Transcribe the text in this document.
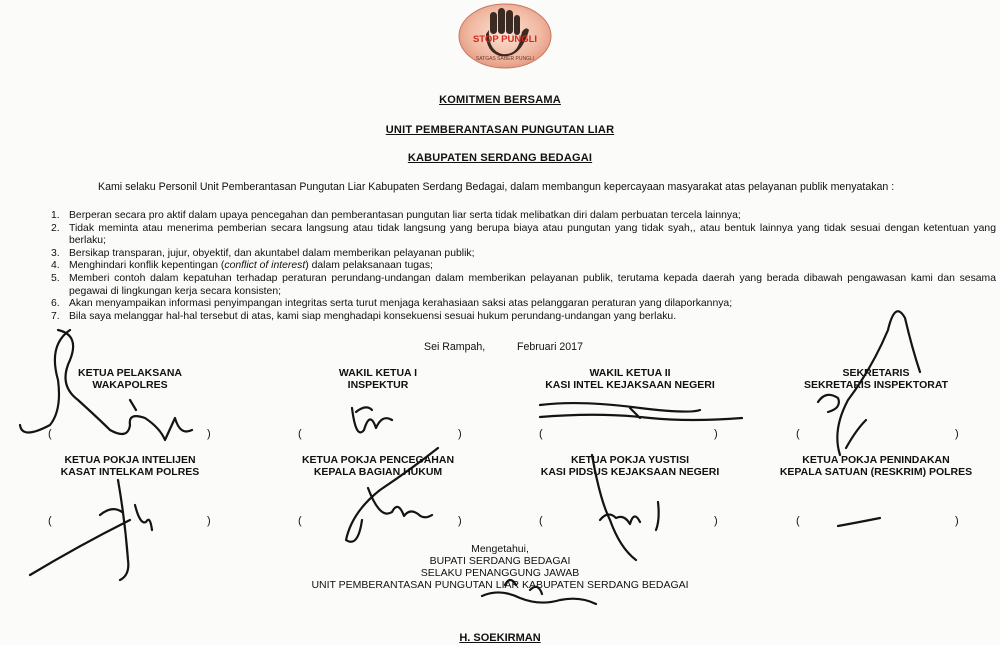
STOP PUNGLI
SATGAS SABER PUNGLI
KOMITMEN BERSAMA
UNIT PEMBERANTASAN PUNGUTAN LIAR
KABUPATEN SERDANG BEDAGAI
Kami selaku Personil Unit Pemberantasan Pungutan Liar Kabupaten Serdang Bedagai, dalam membangun kepercayaan masyarakat atas pelayanan publik menyatakan :
1. Berperan secara pro aktif dalam upaya pencegahan dan pemberantasan pungutan liar serta tidak melibatkan diri dalam perbuatan tercela lainnya;
2. Tidak meminta atau menerima pemberian secara langsung atau tidak langsung yang berupa biaya atau pungutan yang tidak syah,, atau bentuk lainnya yang tidak sesuai dengan ketentuan yang berlaku;
3. Bersikap transparan, jujur, obyektif, dan akuntabel dalam memberikan pelayanan publik;
4. Menghindari konflik kepentingan (conflict of interest) dalam pelaksanaan tugas;
5. Memberi contoh dalam kepatuhan terhadap peraturan perundang-undangan dalam memberikan pelayanan publik, terutama kepada daerah yang berada dibawah pengawasan kami dan sesama pegawai di lingkungan kerja secara konsisten;
6. Akan menyampaikan informasi penyimpangan integritas serta turut menjaga kerahasiaan saksi atas pelanggaran peraturan yang dilaporkannya;
7. Bila saya melanggar hal-hal tersebut di atas, kami siap menghadapi konsekuensi sesuai hukum perundang-undangan yang berlaku.
Sei Rampah,	Februari 2017
KETUA PELAKSANA
WAKAPOLRES
WAKIL KETUA I
INSPEKTUR
WAKIL KETUA II
KASI INTEL KEJAKSAAN NEGERI
SEKRETARIS
SEKRETARIS INSPEKTORAT
(	)	(	)	(	)	(	)
KETUA POKJA INTELIJEN
KASAT INTELKAM POLRES
KETUA POKJA PENCEGAHAN
KEPALA BAGIAN HUKUM
KETUA POKJA YUSTISI
KASI PIDSUS KEJAKSAAN NEGERI
KETUA POKJA PENINDAKAN
KEPALA SATUAN (RESKRIM) POLRES
(	)	(	)	(	)	(	)
Mengetahui,
BUPATI SERDANG BEDAGAI
SELAKU PENANGGUNG JAWAB
UNIT PEMBERANTASAN PUNGUTAN LIAR KABUPATEN SERDANG BEDAGAI
H. SOEKIRMAN
